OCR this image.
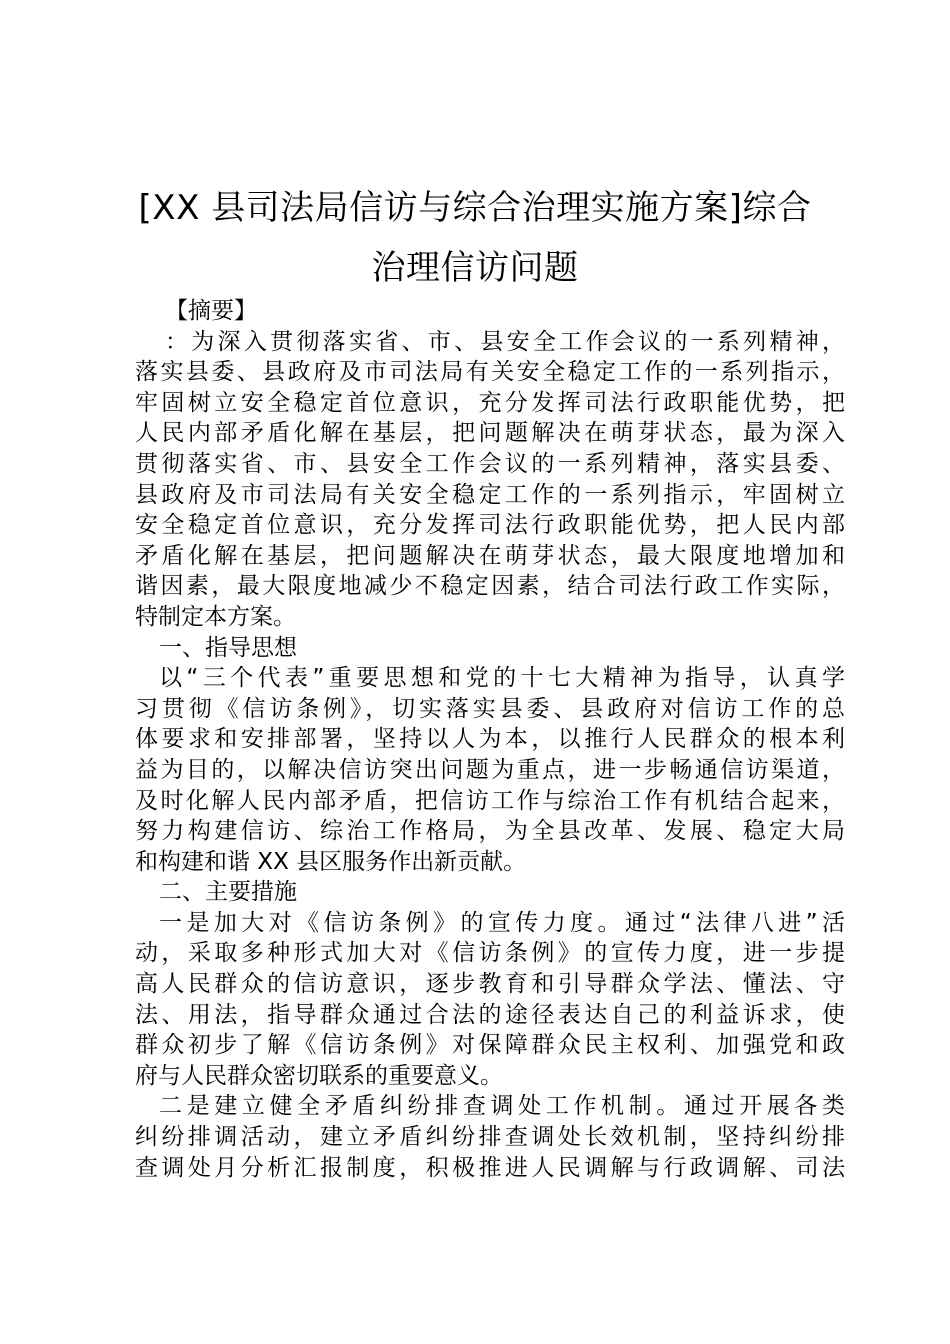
[XX 县司法局信访与综合治理实施方案]综合
治理信访问题
【摘要】
：为深入贯彻落实省、市、县安全工作会议的一系列精神，
落实县委、县政府及市司法局有关安全稳定工作的一系列指示，
牢固树立安全稳定首位意识，充分发挥司法行政职能优势，把
人民内部矛盾化解在基层，把问题解决在萌芽状态，最为深入
贯彻落实省、市、县安全工作会议的一系列精神，落实县委、
县政府及市司法局有关安全稳定工作的一系列指示，牢固树立
安全稳定首位意识，充分发挥司法行政职能优势，把人民内部
矛盾化解在基层，把问题解决在萌芽状态，最大限度地增加和
谐因素，最大限度地减少不稳定因素，结合司法行政工作实际，
特制定本方案。
一、指导思想
以“三个代表”重要思想和党的十七大精神为指导，认真学
习贯彻《信访条例》，切实落实县委、县政府对信访工作的总
体要求和安排部署，坚持以人为本，以推行人民群众的根本利
益为目的，以解决信访突出问题为重点，进一步畅通信访渠道，
及时化解人民内部矛盾，把信访工作与综治工作有机结合起来，
努力构建信访、综治工作格局，为全县改革、发展、稳定大局
和构建和谐 XX 县区服务作出新贡献。
二、主要措施
一是加大对《信访条例》的宣传力度。通过“法律八进”活
动，采取多种形式加大对《信访条例》的宣传力度，进一步提
高人民群众的信访意识，逐步教育和引导群众学法、懂法、守
法、用法，指导群众通过合法的途径表达自己的利益诉求，使
群众初步了解《信访条例》对保障群众民主权利、加强党和政
府与人民群众密切联系的重要意义。
二是建立健全矛盾纠纷排查调处工作机制。通过开展各类
纠纷排调活动，建立矛盾纠纷排查调处长效机制，坚持纠纷排
查调处月分析汇报制度，积极推进人民调解与行政调解、司法
